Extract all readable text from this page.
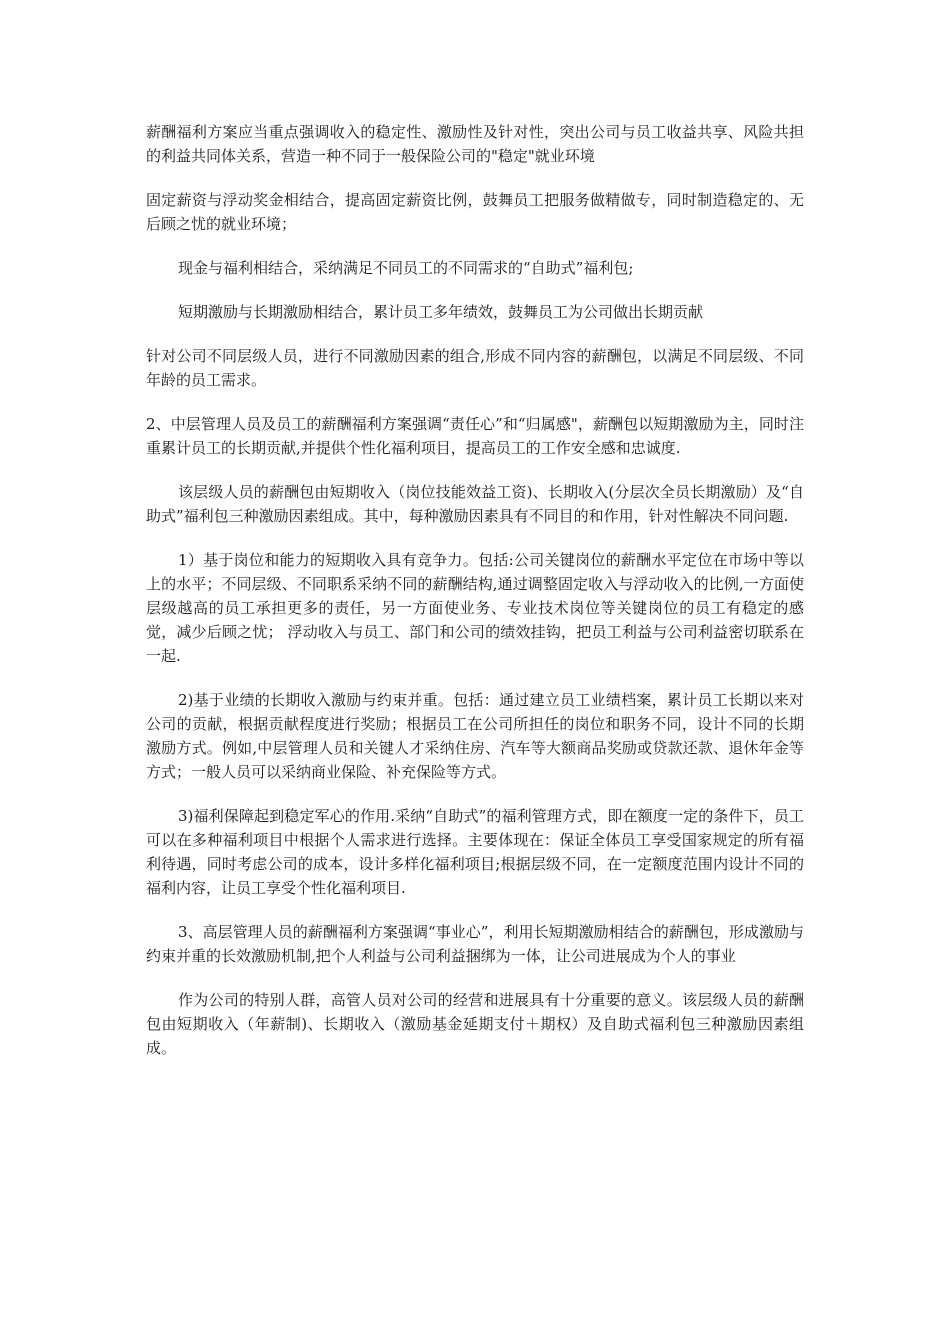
薪酬福利方案应当重点强调收入的稳定性、激励性及针对性，突出公司与员工收益共享、风险共担的利益共同体关系，营造一种不同于一般保险公司的"稳定"就业环境

固定薪资与浮动奖金相结合，提高固定薪资比例，鼓舞员工把服务做精做专，同时制造稳定的、无后顾之忧的就业环境；

现金与福利相结合，采纳满足不同员工的不同需求的“自助式”福利包;

短期激励与长期激励相结合，累计员工多年绩效，鼓舞员工为公司做出长期贡献

针对公司不同层级人员，进行不同激励因素的组合,形成不同内容的薪酬包，以满足不同层级、不同年龄的员工需求。

2、中层管理人员及员工的薪酬福利方案强调“责任心”和“归属感"，薪酬包以短期激励为主，同时注重累计员工的长期贡献,并提供个性化福利项目，提高员工的工作安全感和忠诚度.

该层级人员的薪酬包由短期收入（岗位技能效益工资)、长期收入(分层次全员长期激励）及“自助式”福利包三种激励因素组成。其中，每种激励因素具有不同目的和作用，针对性解决不同问题.

1）基于岗位和能力的短期收入具有竞争力。包括:公司关键岗位的薪酬水平定位在市场中等以上的水平；不同层级、不同职系采纳不同的薪酬结构,通过调整固定收入与浮动收入的比例,一方面使层级越高的员工承担更多的责任，另一方面使业务、专业技术岗位等关键岗位的员工有稳定的感觉，减少后顾之忧； 浮动收入与员工、部门和公司的绩效挂钩，把员工利益与公司利益密切联系在一起.

2)基于业绩的长期收入激励与约束并重。包括：通过建立员工业绩档案，累计员工长期以来对公司的贡献，根据贡献程度进行奖励；根据员工在公司所担任的岗位和职务不同，设计不同的长期激励方式。例如,中层管理人员和关键人才采纳住房、汽车等大额商品奖励或贷款还款、退休年金等方式；一般人员可以采纳商业保险、补充保险等方式。

3)福利保障起到稳定军心的作用.采纳“自助式”的福利管理方式，即在额度一定的条件下，员工可以在多种福利项目中根据个人需求进行选择。主要体现在：保证全体员工享受国家规定的所有福利待遇，同时考虑公司的成本，设计多样化福利项目;根据层级不同，在一定额度范围内设计不同的福利内容，让员工享受个性化福利项目.

3、高层管理人员的薪酬福利方案强调“事业心”，利用长短期激励相结合的薪酬包，形成激励与约束并重的长效激励机制,把个人利益与公司利益捆绑为一体，让公司进展成为个人的事业

作为公司的特别人群，高管人员对公司的经营和进展具有十分重要的意义。该层级人员的薪酬包由短期收入（年薪制)、长期收入（激励基金延期支付＋期权）及自助式福利包三种激励因素组成。
